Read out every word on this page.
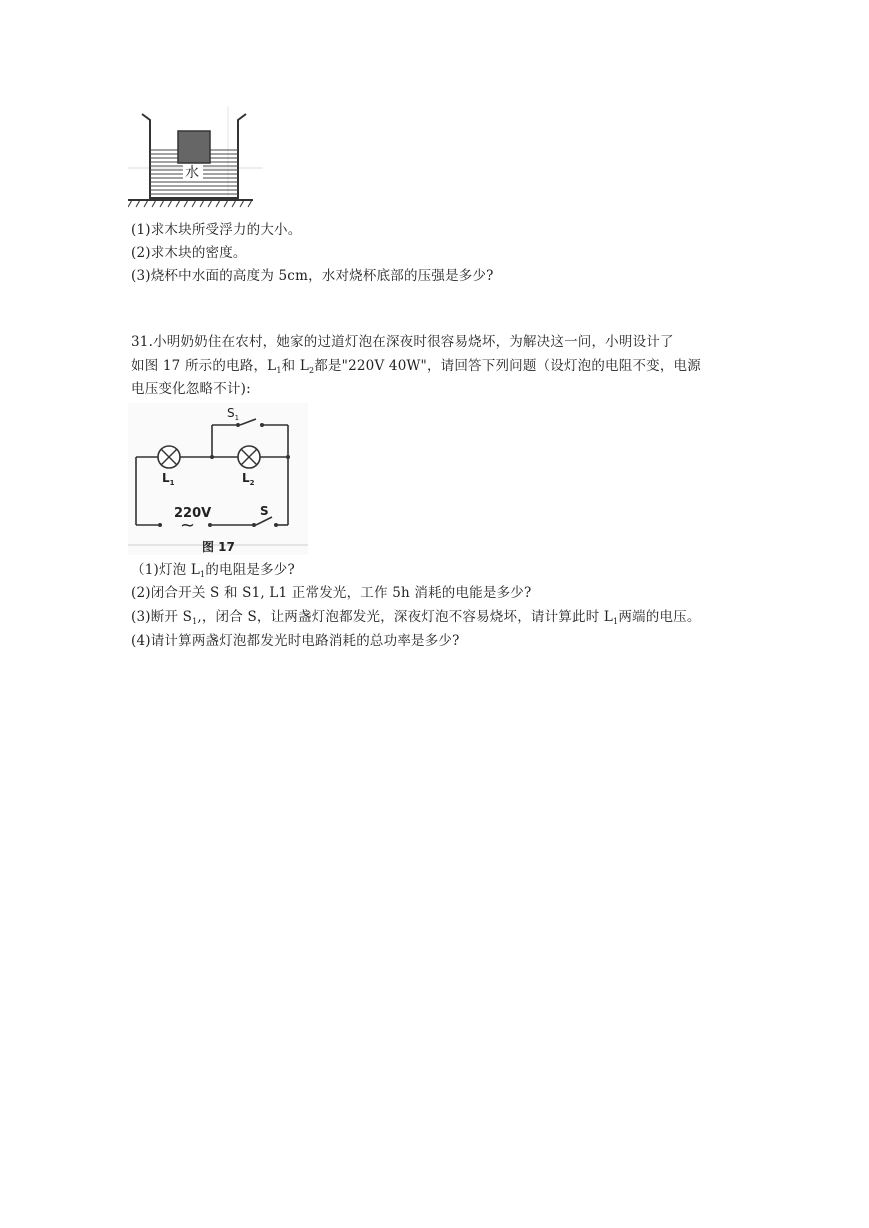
水
(1)求木块所受浮力的大小。
(2)求木块的密度。
(3)烧杯中水面的高度为 5cm，水对烧杯底部的压强是多少?
31.小明奶奶住在农村，她家的过道灯泡在深夜时很容易烧坏，为解决这一问，小明设计了
如图 17 所示的电路，$L_1$和 $L_2$都是"220V 40W"，请回答下列问题（设灯泡的电阻不变，电源
电压变化忽略不计):
$S_1$
$L_1$	$L_2$
220V
~
S
图 17
（1)灯泡 $L_1$的电阻是多少?
(2)闭合开关 S 和 S1, L1 正常发光，工作 5h 消耗的电能是多少?
(3)断开 $S_1$,，闭合 S，让两盏灯泡都发光，深夜灯泡不容易烧坏，请计算此时 $L_1$两端的电压。
(4)请计算两盏灯泡都发光时电路消耗的总功率是多少?
